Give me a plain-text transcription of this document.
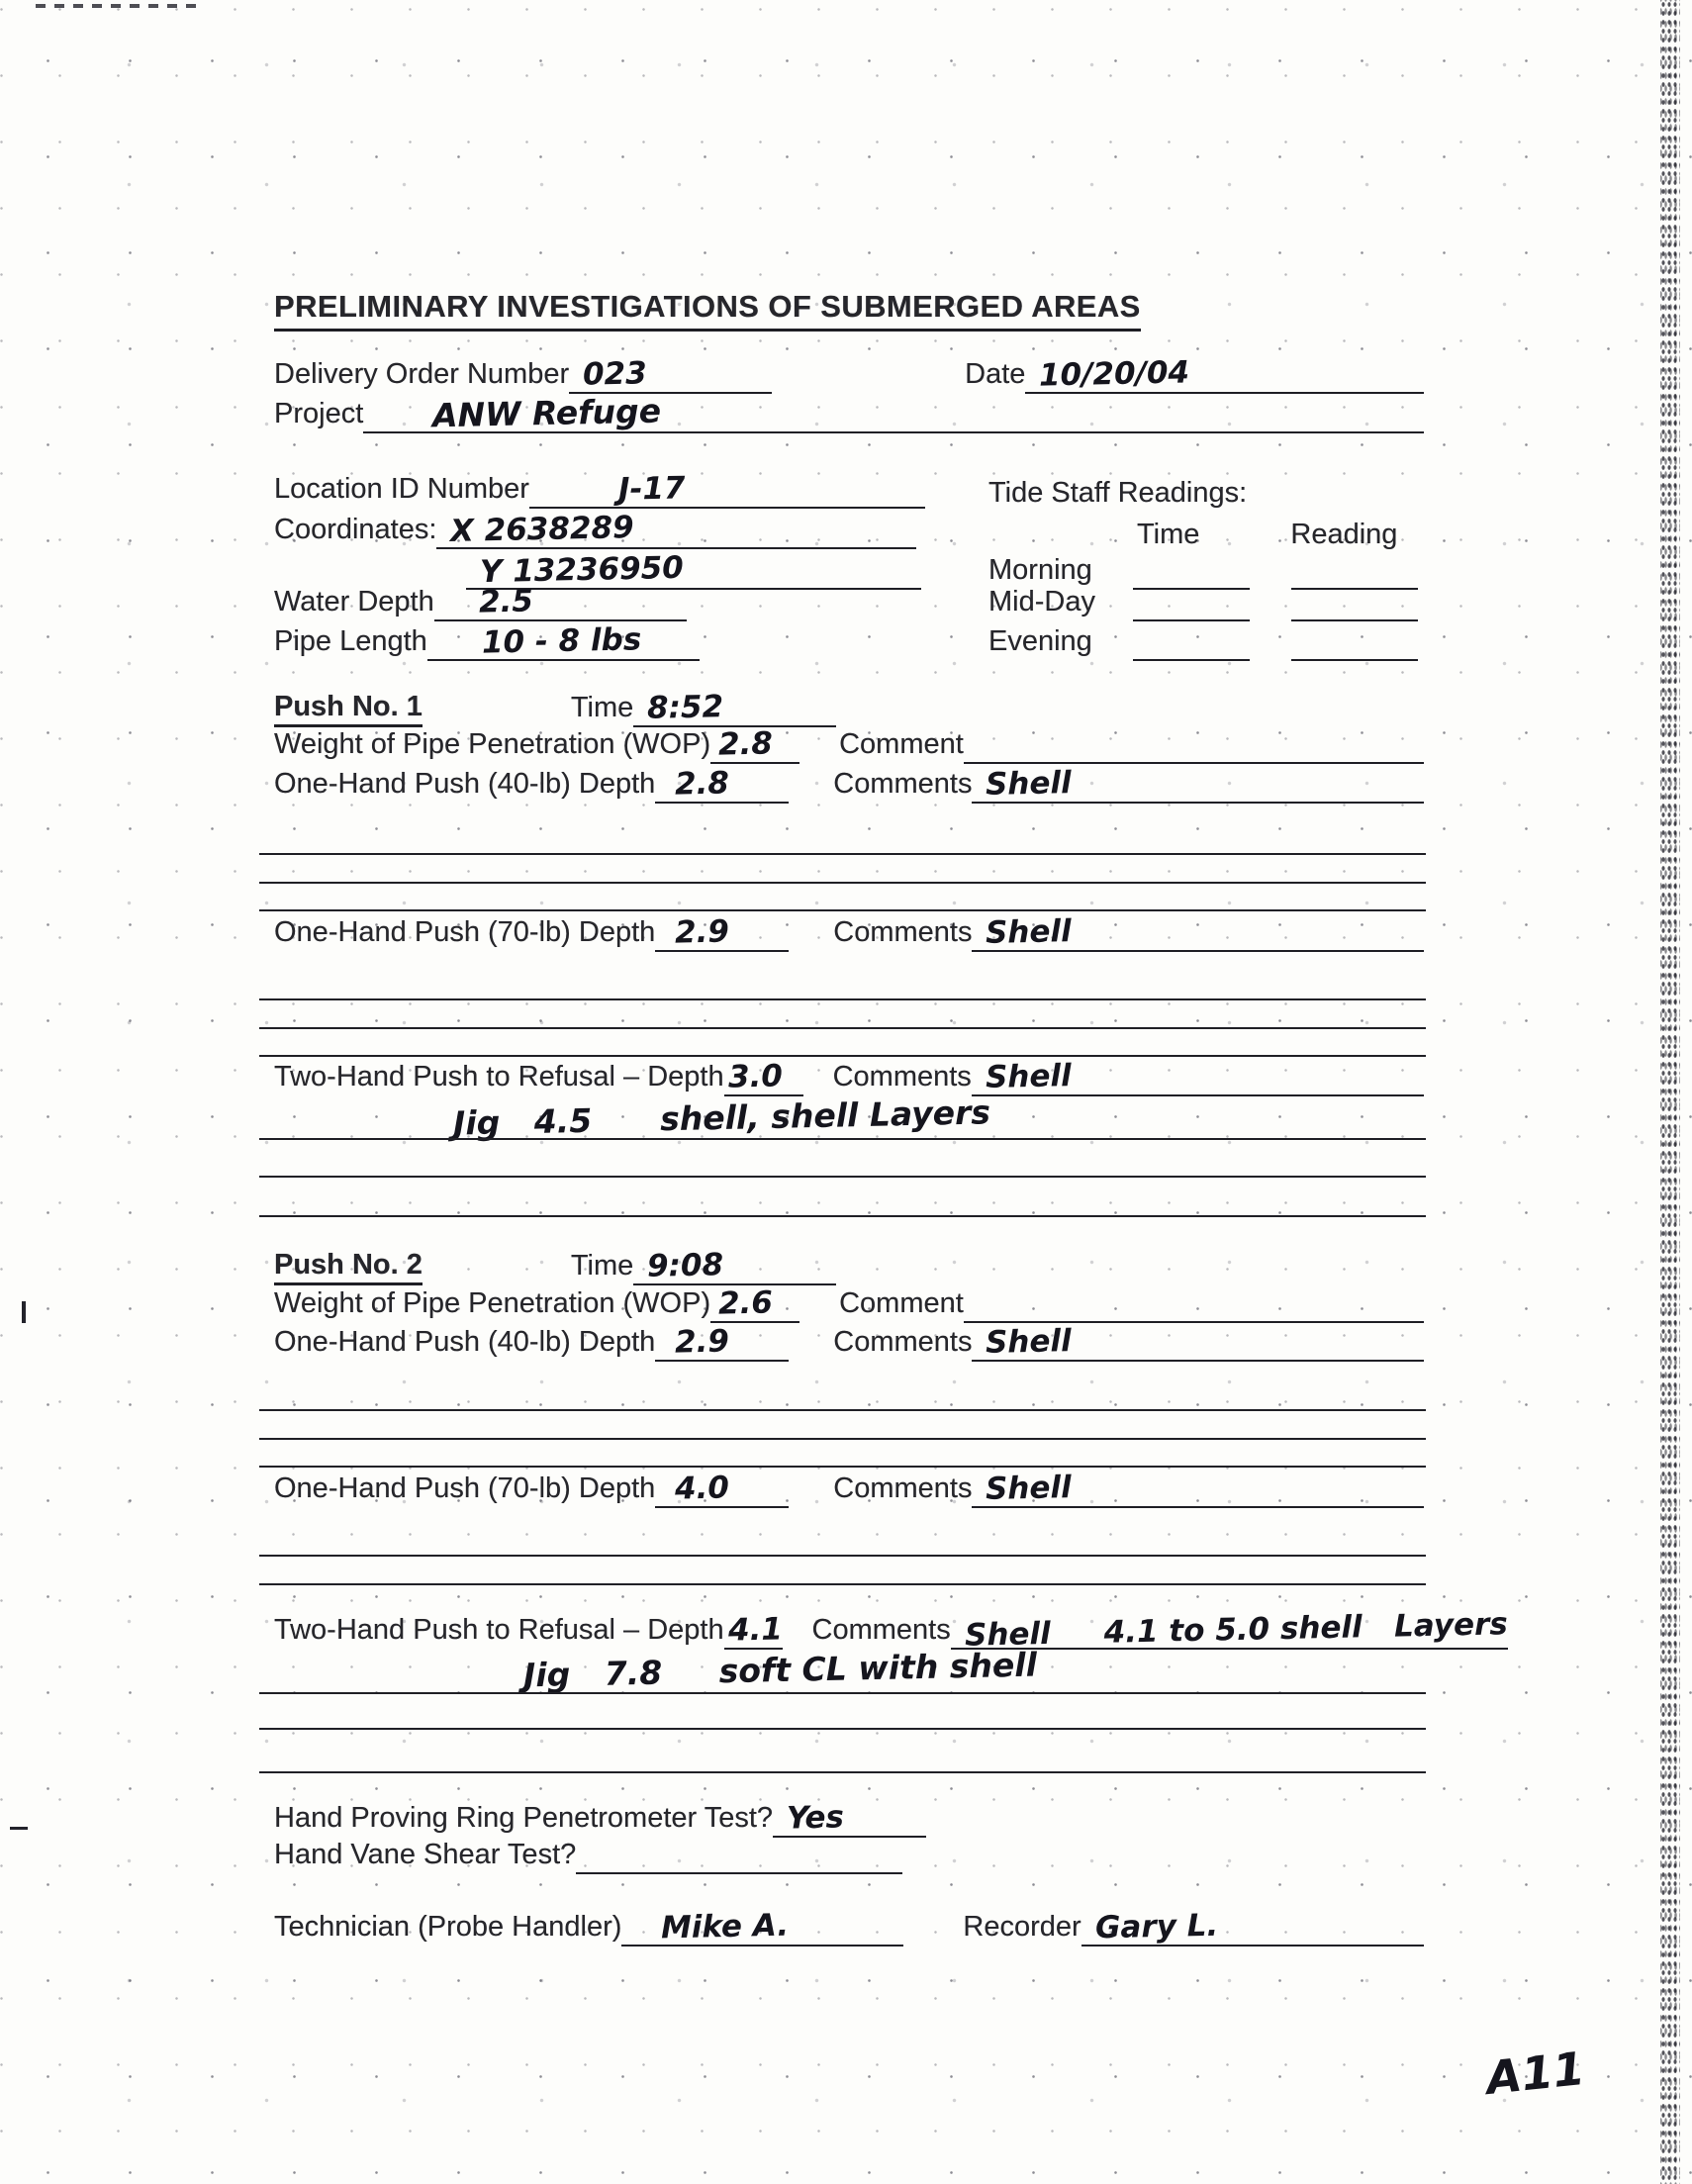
PRELIMINARY INVESTIGATIONS OF SUBMERGED AREAS
Delivery Order Number 023	Date 10/20/04
Project ANW Refuge
Location ID Number	J-17
Coordinates: X 2638289
Y 13236950
Water Depth 2.5
Pipe Length 10 - 8 lbs
Tide Staff Readings:
Time	Reading
Morning
Mid-Day
Evening
Push No. 1	Time 8:52
Weight of Pipe Penetration (WOP) 2.8 Comment
One-Hand Push (40-lb) Depth 2.8	Comments Shell
One-Hand Push (70-lb) Depth 2.9	Comments Shell
Two-Hand Push to Refusal – Depth 3.0 Comments Shell
Jig   4.5      shell, shell Layers
Push No. 2	Time 9:08
Weight of Pipe Penetration (WOP) 2.6 Comment
One-Hand Push (40-lb) Depth 2.9	Comments Shell
One-Hand Push (70-lb) Depth 4.0	Comments Shell
Two-Hand Push to Refusal – Depth 4.1 Comments Shell     4.1 to 5.0 shell   Layers
Jig   7.8     soft CL with shell
Hand Proving Ring Penetrometer Test? Yes
Hand Vane Shear Test?
Technician (Probe Handler) Mike A.	Recorder Gary L.
A11
